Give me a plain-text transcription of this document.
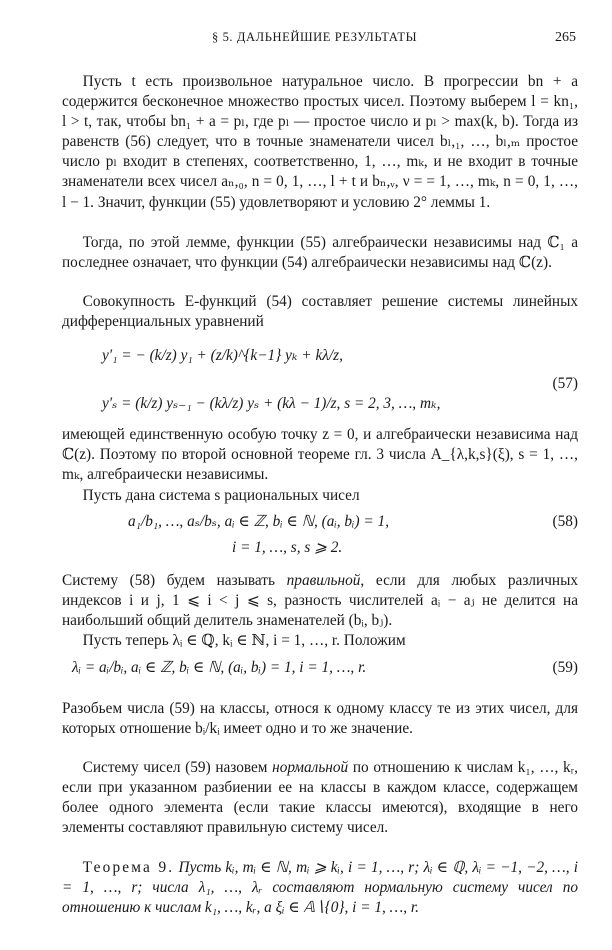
§ 5. ДАЛЬНЕЙШИЕ РЕЗУЛЬТАТЫ	265
Пусть t есть произвольное натуральное число. В прогрессии bn + a содержится бесконечное множество простых чисел. Поэтому выберем l = kn₁, l > t, так, чтобы bn₁ + a = pₗ, где pₗ — простое число и pₗ > max(k, b). Тогда из равенств (56) следует, что в точные знаменатели чисел bₗ,₁, …, bₗ,ₘ простое число pₗ входит в степенях, соответственно, 1, …, mₖ, и не входит в точные знаменатели всех чисел aₙ,₀, n = 0, 1, …, l + t и bₙ,ᵥ, ν = = 1, …, mₖ, n = 0, 1, …, l − 1. Значит, функции (55) удовлетворяют и условию 2° леммы 1.
Тогда, по этой лемме, функции (55) алгебраически независимы над ℂ₁ а последнее означает, что функции (54) алгебраически независимы над ℂ(z).
Совокупность E-функций (54) составляет решение системы линейных дифференциальных уравнений
y′₁ = − (k/z) y₁ + (z/k)^{k−1} yₖ + kλ/z,
(57)
y′ₛ = (k/z) yₛ₋₁ − (kλ/z) yₛ + (kλ − 1)/z, s = 2, 3, …, mₖ,
имеющей единственную особую точку z = 0, и алгебраически независима над ℂ(z). Поэтому по второй основной теореме гл. 3 числа A_{λ,k,s}(ξ), s = 1, …, mₖ, алгебраически независимы.
Пусть дана система s рациональных чисел
a₁/b₁, …, aₛ/bₛ, aᵢ ∈ ℤ, bᵢ ∈ ℕ, (aᵢ, bᵢ) = 1,	(58)
i = 1, …, s, s ⩾ 2.
Систему (58) будем называть правильной, если для любых различных индексов i и j, 1 ⩽ i < j ⩽ s, разность числителей aᵢ − aⱼ не делится на наибольший общий делитель знаменателей (bᵢ, bⱼ).
Пусть теперь λᵢ ∈ ℚ, kᵢ ∈ ℕ, i = 1, …, r. Положим
λᵢ = aᵢ/bᵢ, aᵢ ∈ ℤ, bᵢ ∈ ℕ, (aᵢ, bᵢ) = 1, i = 1, …, r.	(59)
Разобьем числа (59) на классы, относя к одному классу те из этих чисел, для которых отношение bᵢ/kᵢ имеет одно и то же значение.
Систему чисел (59) назовем нормальной по отношению к числам k₁, …, kᵣ, если при указанном разбиении ее на классы в каждом классе, содержащем более одного элемента (если такие классы имеются), входящие в него элементы составляют правильную систему чисел.
Теорема 9. Пусть kᵢ, mᵢ ∈ ℕ, mᵢ ⩾ kᵢ, i = 1, …, r; λᵢ ∈ ℚ, λᵢ = −1, −2, …, i = 1, …, r; числа λ₁, …, λᵣ составляют нормальную систему чисел по отношению к числам k₁, …, kᵣ, а ξᵢ ∈ 𝔸∖{0}, i = 1, …, r.
